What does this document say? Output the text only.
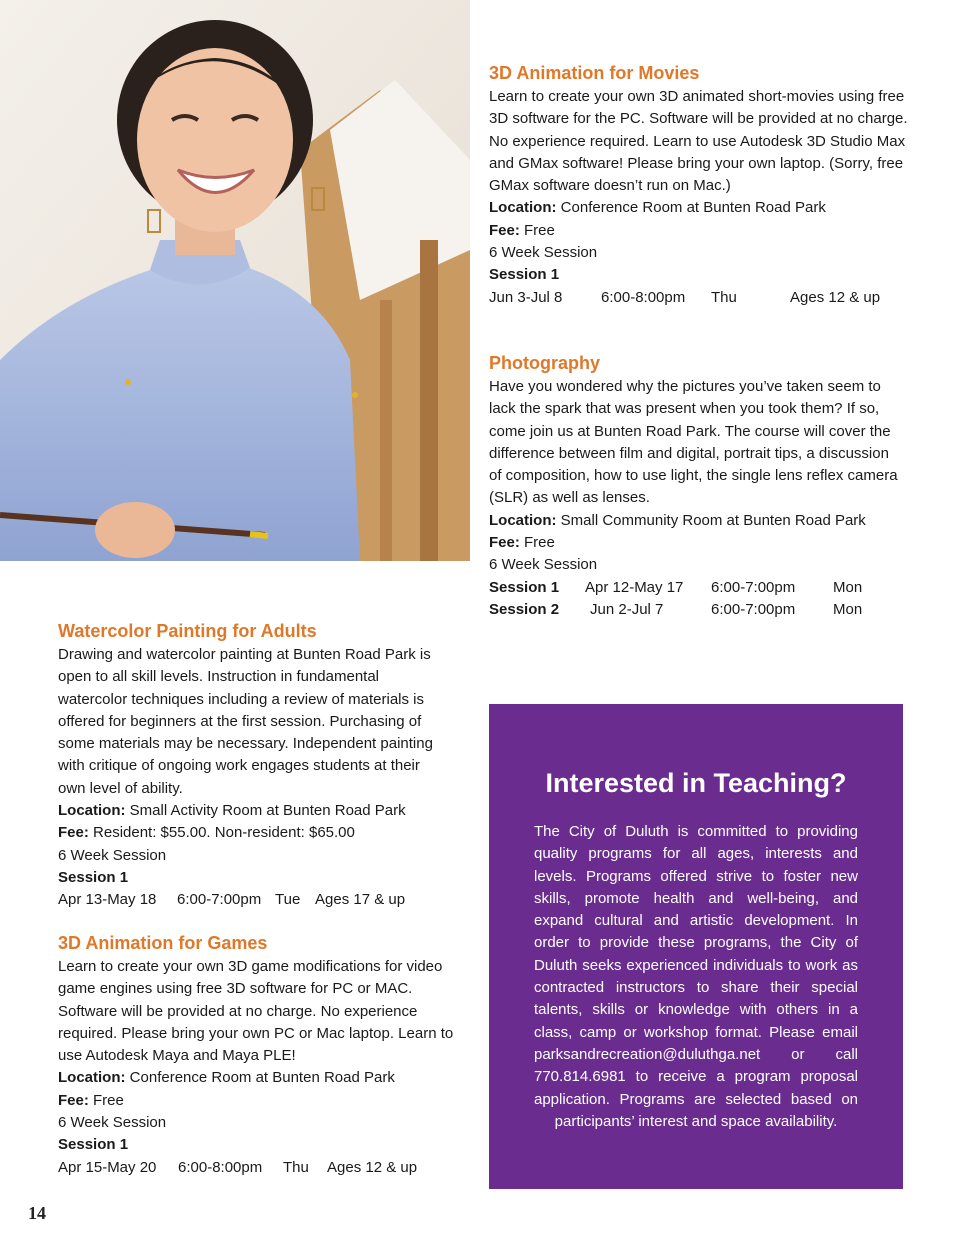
3D Animation for Movies

Learn to create your own 3D animated short-movies using free 3D software for the PC. Software will be provided at no charge. No experience required. Learn to use Autodesk 3D Studio Max and GMax software! Please bring your own laptop. (Sorry, free GMax software doesn’t run on Mac.)

Location: Conference Room at Bunten Road Park
Fee: Free
6 Week Session
Session 1
Jun 3-Jul 8	6:00-8:00pm	Thu	Ages 12 & up
Photography

Have you wondered why the pictures you’ve taken seem to lack the spark that was present when you took them? If so, come join us at Bunten Road Park. The course will cover the difference between film and digital, portrait tips, a discussion of composition, how to use light, the single lens reflex camera (SLR) as well as lenses.

Location: Small Community Room at Bunten Road Park
Fee: Free
6 Week Session
Session 1	Apr 12-May 17	6:00-7:00pm	Mon
Session 2	Jun 2-Jul 7	6:00-7:00pm	Mon
Watercolor Painting for Adults

Drawing and watercolor painting at Bunten Road Park is open to all skill levels. Instruction in fundamental watercolor techniques including a review of materials is offered for beginners at the first session. Purchasing of some materials may be necessary. Independent painting with critique of ongoing work engages students at their own level of ability.

Location: Small Activity Room at Bunten Road Park
Fee: Resident: $55.00. Non-resident: $65.00
6 Week Session
Session 1
Apr 13-May 18	6:00-7:00pm Tue Ages 17 & up
3D Animation for Games

Learn to create your own 3D game modifications for video game engines using free 3D software for PC or MAC. Software will be provided at no charge. No experience required. Please bring your own PC or Mac laptop. Learn to use Autodesk Maya and Maya PLE!

Location: Conference Room at Bunten Road Park
Fee: Free
6 Week Session
Session 1
Apr 15-May 20	6:00-8:00pm	Thu	Ages 12 & up
Interested in Teaching?

The City of Duluth is committed to providing quality programs for all ages, interests and levels. Programs offered strive to foster new skills, promote health and well-being, and expand cultural and artistic development. In order to provide these programs, the City of Duluth seeks experienced individuals to work as contracted instructors to share their special talents, skills or knowledge with others in a class, camp or workshop format. Please email parksandrecreation@duluthga.net or call 770.814.6981 to receive a program proposal application. Programs are selected based on participants’ interest and space availability.

14
